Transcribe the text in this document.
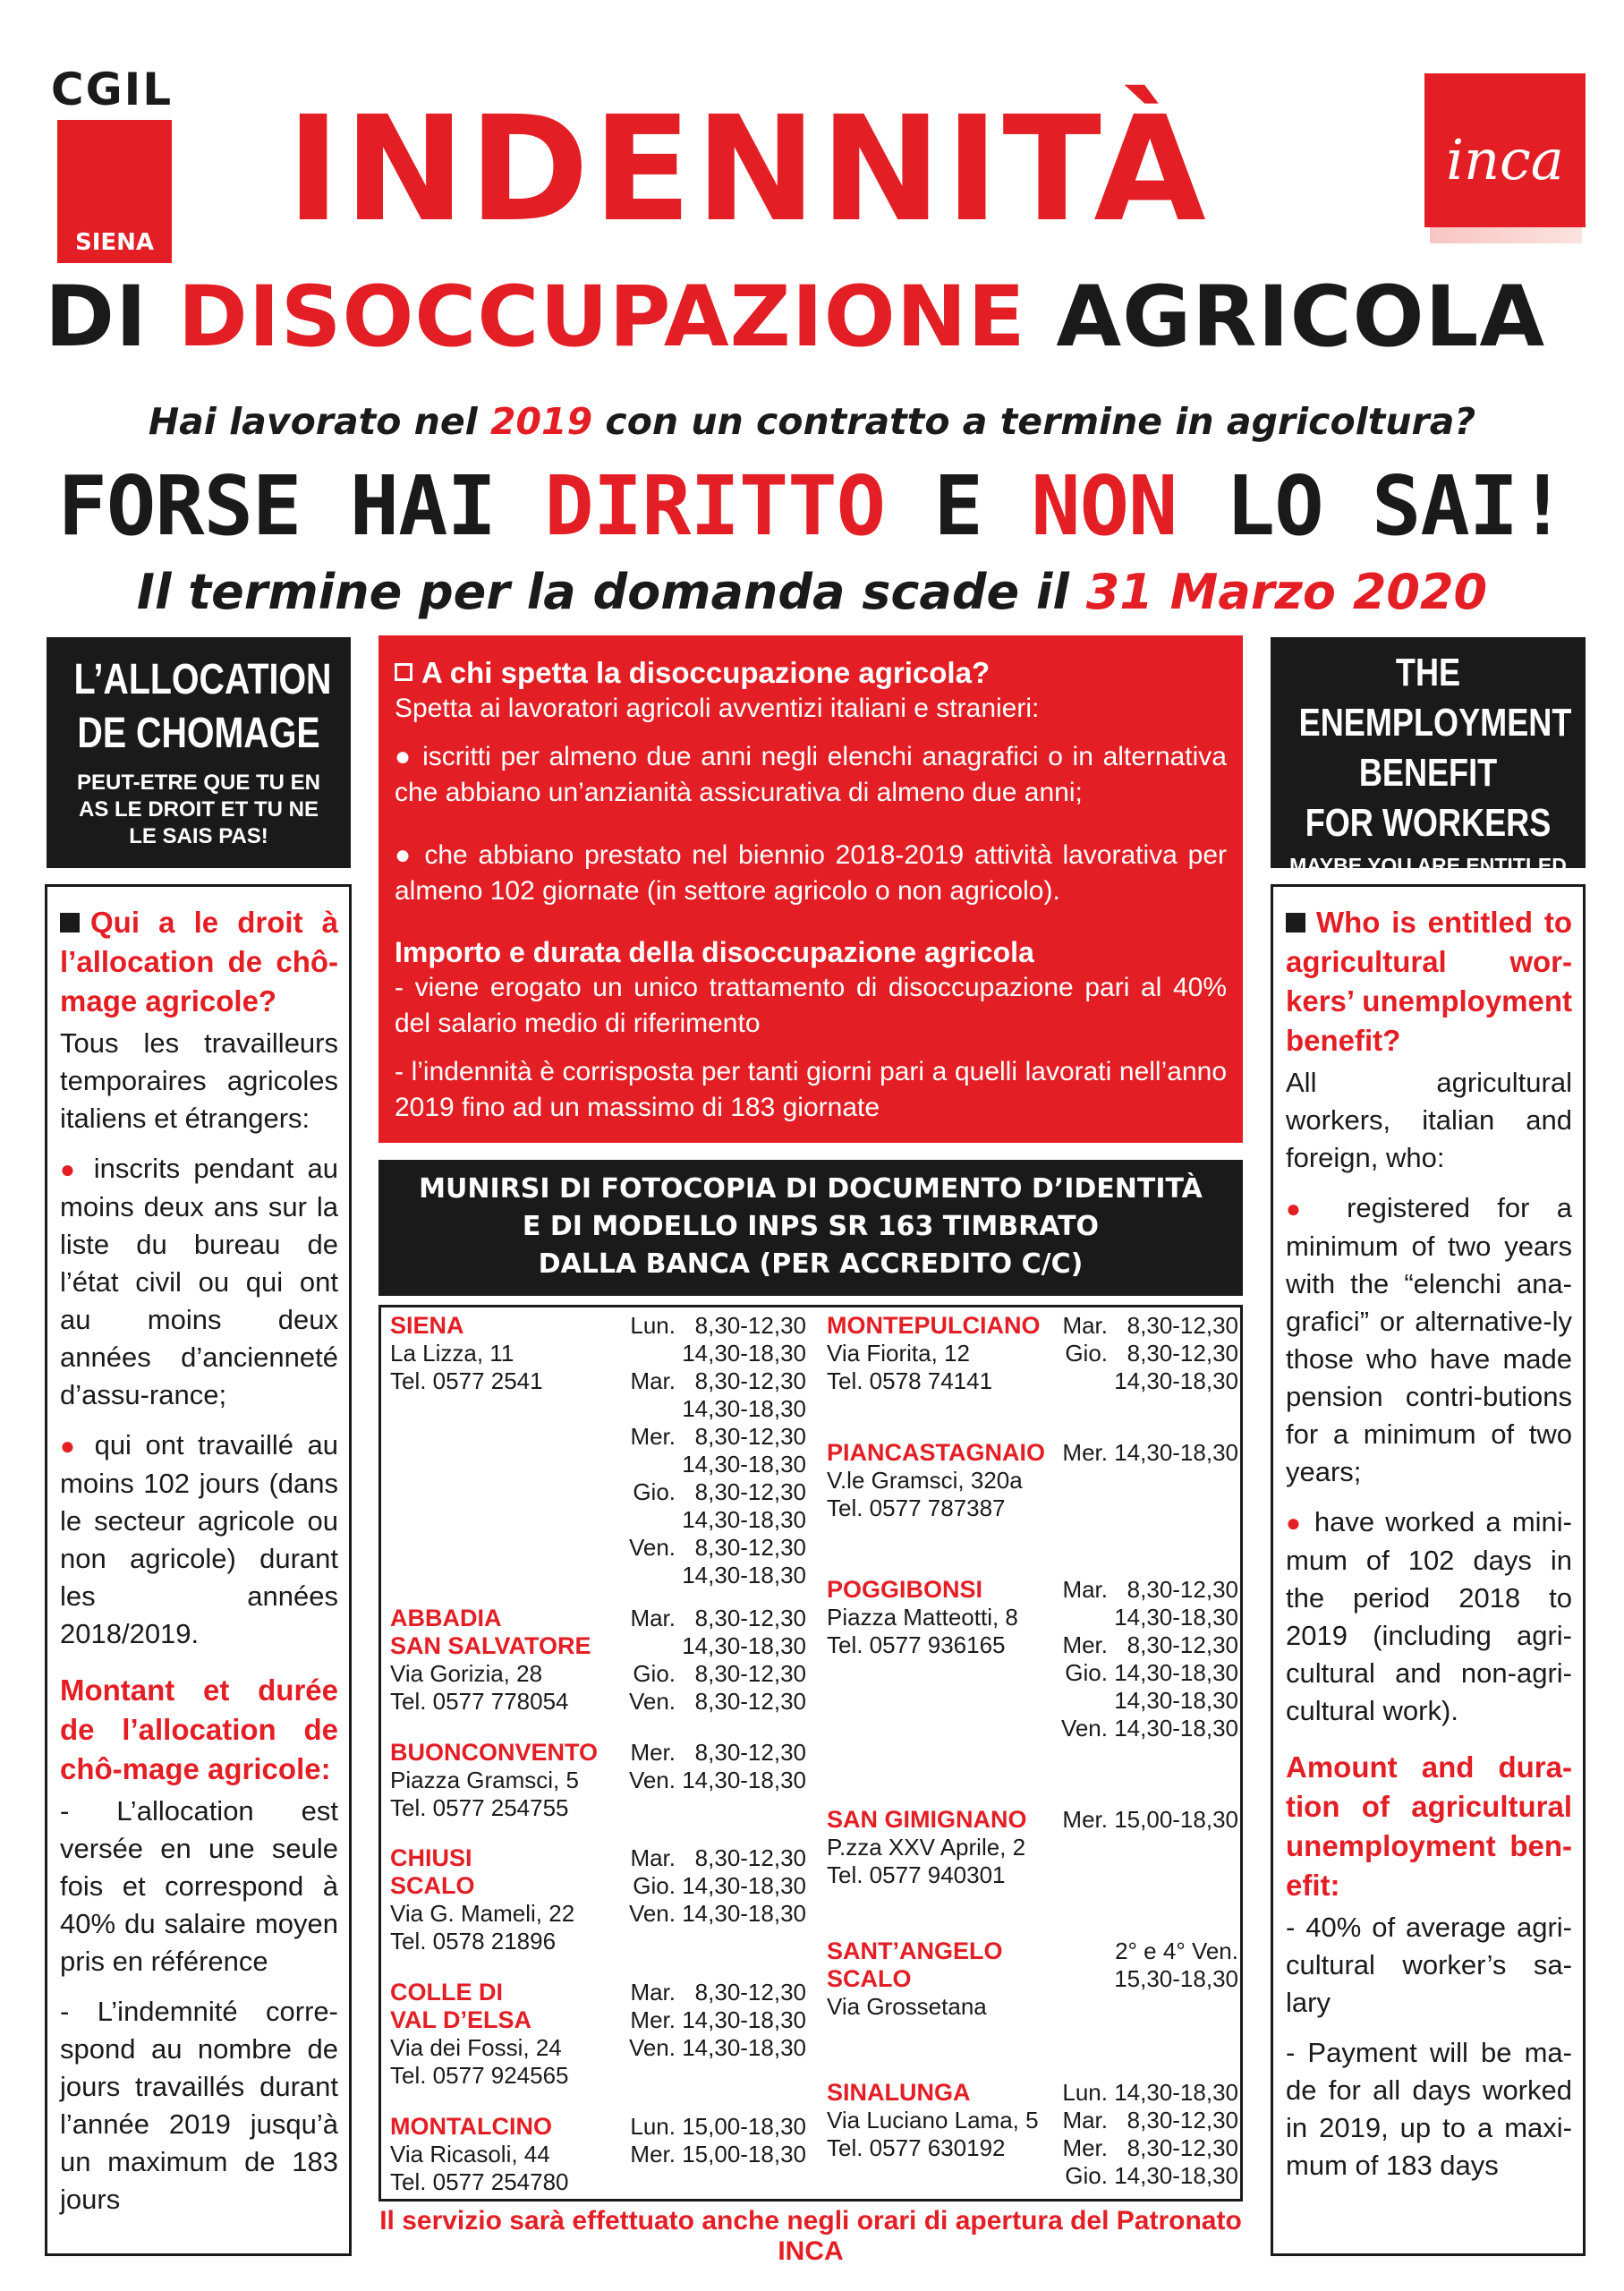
CGIL
SIENA INDENNITÀ	inca
DI DISOCCUPAZIONE AGRICOLA
Hai lavorato nel 2019 con un contratto a termine in agricoltura?
FORSE HAI DIRITTO E NON LO SAI!
Il termine per la domanda scade il 31 Marzo 2020
L’ALLOCATION
DE CHOMAGE
PEUT-ETRE QUE TU EN AS LE DROIT ET TU NE LE SAIS PAS!

Qui a le droit à l’allocation de chô-mage agricole?

Tous les travailleurs temporaires agricoles italiens et étrangers:

● inscrits pendant au moins deux ans sur la liste du bureau de l’état civil ou qui ont au moins deux années d’ancienneté d’assu-rance;

● qui ont travaillé au moins 102 jours (dans le secteur agricole ou non agricole) durant les années 2018/2019.

Montant et durée de l’allocation de chô-mage agricole:

- L’allocation est versée en une seule fois et correspond à 40% du salaire moyen pris en référence

- L’indemnité corre-spond au nombre de jours travaillés durant l’année 2019 jusqu’à un maximum de 183 jours

THE ENEMPLOYMENT
BENEFIT
FOR WORKERS
MAYBE YOU ARE ENTITLED TO IT AND YOU DON’T KNOW!

Who is entitled to agricultural wor-kers’ unemployment benefit?

All agricultural workers, italian and foreign, who:

● registered for a minimum of two years with the “elenchi ana-grafici” or alternative-ly those who have made pension contri-butions for a minimum of two years;

● have worked a mini-mum of 102 days in the period 2018 to 2019 (including agri-cultural and non-agri-cultural work).

Amount and dura-tion of agricultural unemployment ben-efit:

- 40% of average agri-cultural worker’s sa-lary

- Payment will be ma-de for all days worked in 2019, up to a maxi-mum of 183 days

A chi spetta la disoccupazione agricola?

Spetta ai lavoratori agricoli avventizi italiani e stranieri:

● iscritti per almeno due anni negli elenchi anagrafici o in alternativa che abbiano un’anzianità assicurativa di almeno due anni;

● che abbiano prestato nel biennio 2018-2019 attività lavorativa per almeno 102 giornate (in settore agricolo o non agricolo).

Importo e durata della disoccupazione agricola

- viene erogato un unico trattamento di disoccupazione pari al 40% del salario medio di riferimento

- l’indennità è corrisposta per tanti giorni pari a quelli lavorati nell’anno 2019 fino ad un massimo di 183 giornate

MUNIRSI DI FOTOCOPIA DI DOCUMENTO D’IDENTITÀ
E DI MODELLO INPS SR 163 TIMBRATO
DALLA BANCA (PER ACCREDITO C/C)
SIENA
La Lizza, 11
Tel. 0577 2541
Lun.   8,30-12,30
14,30-18,30
Mar.   8,30-12,30
14,30-18,30
Mer.   8,30-12,30
14,30-18,30
Gio.   8,30-12,30
14,30-18,30
Ven.   8,30-12,30
14,30-18,30
ABBADIA
SAN SALVATORE
Via Gorizia, 28
Tel. 0577 778054
Mar.   8,30-12,30
14,30-18,30
Gio.   8,30-12,30
Ven.   8,30-12,30
BUONCONVENTO
Piazza Gramsci, 5
Tel. 0577 254755
Mer.   8,30-12,30
Ven. 14,30-18,30
CHIUSI
SCALO
Via G. Mameli, 22
Tel. 0578 21896
Mar.   8,30-12,30
Gio. 14,30-18,30
Ven. 14,30-18,30
COLLE DI
VAL D’ELSA
Via dei Fossi, 24
Tel. 0577 924565
Mar.   8,30-12,30
Mer. 14,30-18,30
Ven. 14,30-18,30
MONTALCINO
Via Ricasoli, 44
Tel. 0577 254780
Lun. 15,00-18,30
Mer. 15,00-18,30
MONTEPULCIANO
Via Fiorita, 12
Tel. 0578 74141
Mar.   8,30-12,30
Gio.   8,30-12,30
14,30-18,30
PIANCASTAGNAIO
V.le Gramsci, 320a
Tel. 0577 787387
Mer. 14,30-18,30
POGGIBONSI
Piazza Matteotti, 8
Tel. 0577 936165
Mar.   8,30-12,30
14,30-18,30
Mer.   8,30-12,30
Gio. 14,30-18,30
14,30-18,30
Ven. 14,30-18,30
SAN GIMIGNANO
P.zza XXV Aprile, 2
Tel. 0577 940301
Mer. 15,00-18,30
SANT’ANGELO
SCALO
Via Grossetana
2° e 4° Ven.
15,30-18,30
SINALUNGA
Via Luciano Lama, 5
Tel. 0577 630192
Lun. 14,30-18,30
Mar.   8,30-12,30
Mer.   8,30-12,30
Gio. 14,30-18,30
Il servizio sarà effettuato anche negli orari di apertura del Patronato INCA
